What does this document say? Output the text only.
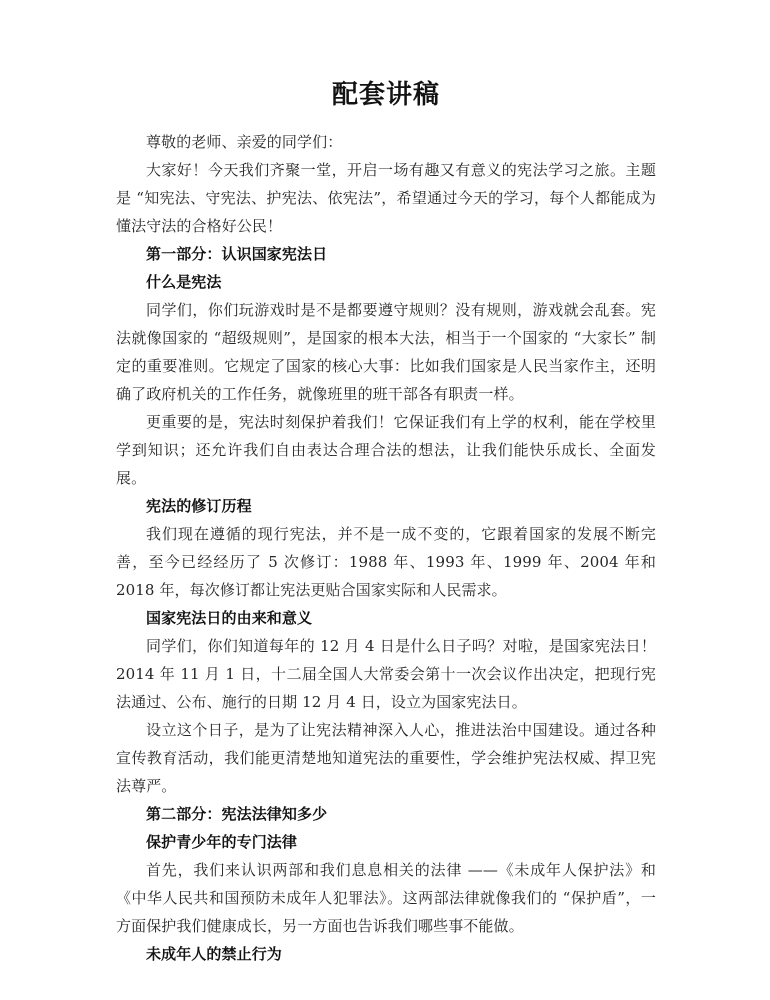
配套讲稿

尊敬的老师、亲爱的同学们：

大家好！今天我们齐聚一堂，开启一场有趣又有意义的宪法学习之旅。主题是 “知宪法、守宪法、护宪法、依宪法”，希望通过今天的学习，每个人都能成为懂法守法的合格好公民！

第一部分：认识国家宪法日

什么是宪法

同学们，你们玩游戏时是不是都要遵守规则？没有规则，游戏就会乱套。宪法就像国家的 “超级规则”，是国家的根本大法，相当于一个国家的 “大家长” 制定的重要准则。它规定了国家的核心大事：比如我们国家是人民当家作主，还明确了政府机关的工作任务，就像班里的班干部各有职责一样。

更重要的是，宪法时刻保护着我们！它保证我们有上学的权利，能在学校里学到知识；还允许我们自由表达合理合法的想法，让我们能快乐成长、全面发展。

宪法的修订历程

我们现在遵循的现行宪法，并不是一成不变的，它跟着国家的发展不断完善，至今已经经历了 5 次修订：1988 年、1993 年、1999 年、2004 年和 2018 年，每次修订都让宪法更贴合国家实际和人民需求。

国家宪法日的由来和意义

同学们，你们知道每年的 12 月 4 日是什么日子吗？对啦，是国家宪法日！2014 年 11 月 1 日，十二届全国人大常委会第十一次会议作出决定，把现行宪法通过、公布、施行的日期 12 月 4 日，设立为国家宪法日。

设立这个日子，是为了让宪法精神深入人心，推进法治中国建设。通过各种宣传教育活动，我们能更清楚地知道宪法的重要性，学会维护宪法权威、捍卫宪法尊严。

第二部分：宪法法律知多少

保护青少年的专门法律

首先，我们来认识两部和我们息息相关的法律 ——《未成年人保护法》和《中华人民共和国预防未成年人犯罪法》。这两部法律就像我们的 “保护盾”，一方面保护我们健康成长，另一方面也告诉我们哪些事不能做。

未成年人的禁止行为
